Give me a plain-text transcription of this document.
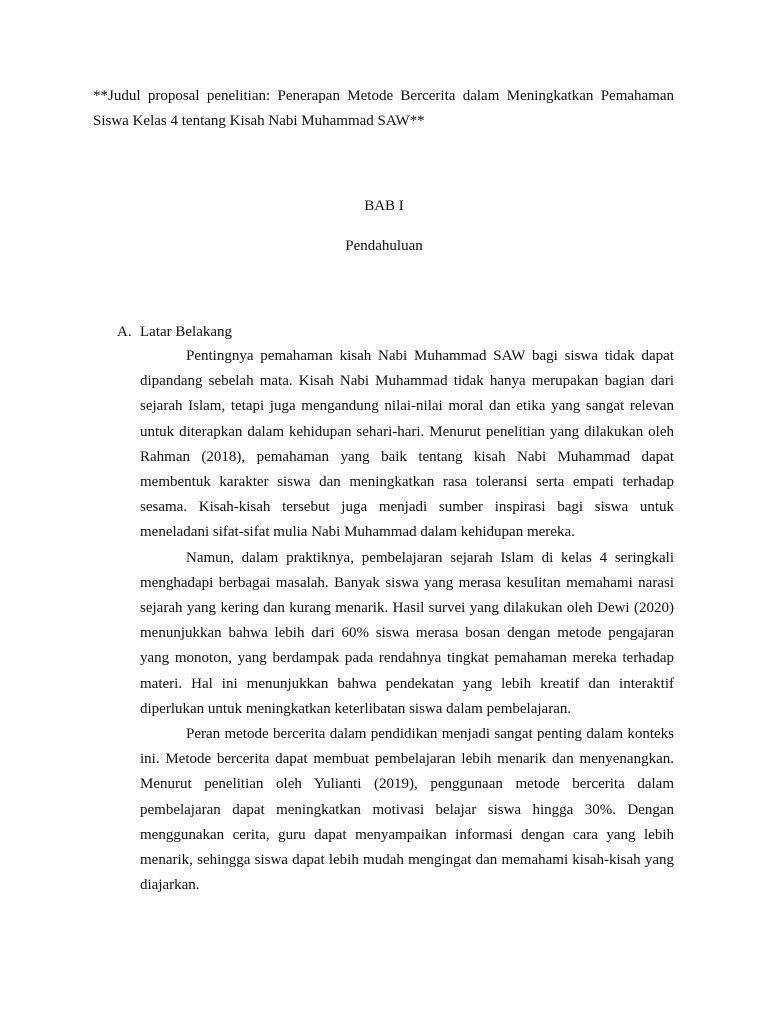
**Judul proposal penelitian: Penerapan Metode Bercerita dalam Meningkatkan Pemahaman Siswa Kelas 4 tentang Kisah Nabi Muhammad SAW**

BAB I

Pendahuluan

A. Latar Belakang

Pentingnya pemahaman kisah Nabi Muhammad SAW bagi siswa tidak dapat dipandang sebelah mata. Kisah Nabi Muhammad tidak hanya merupakan bagian dari sejarah Islam, tetapi juga mengandung nilai-nilai moral dan etika yang sangat relevan untuk diterapkan dalam kehidupan sehari-hari. Menurut penelitian yang dilakukan oleh Rahman (2018), pemahaman yang baik tentang kisah Nabi Muhammad dapat membentuk karakter siswa dan meningkatkan rasa toleransi serta empati terhadap sesama. Kisah-kisah tersebut juga menjadi sumber inspirasi bagi siswa untuk meneladani sifat-sifat mulia Nabi Muhammad dalam kehidupan mereka.

Namun, dalam praktiknya, pembelajaran sejarah Islam di kelas 4 seringkali menghadapi berbagai masalah. Banyak siswa yang merasa kesulitan memahami narasi sejarah yang kering dan kurang menarik. Hasil survei yang dilakukan oleh Dewi (2020) menunjukkan bahwa lebih dari 60% siswa merasa bosan dengan metode pengajaran yang monoton, yang berdampak pada rendahnya tingkat pemahaman mereka terhadap materi. Hal ini menunjukkan bahwa pendekatan yang lebih kreatif dan interaktif diperlukan untuk meningkatkan keterlibatan siswa dalam pembelajaran.

Peran metode bercerita dalam pendidikan menjadi sangat penting dalam konteks ini. Metode bercerita dapat membuat pembelajaran lebih menarik dan menyenangkan. Menurut penelitian oleh Yulianti (2019), penggunaan metode bercerita dalam pembelajaran dapat meningkatkan motivasi belajar siswa hingga 30%. Dengan menggunakan cerita, guru dapat menyampaikan informasi dengan cara yang lebih menarik, sehingga siswa dapat lebih mudah mengingat dan memahami kisah-kisah yang diajarkan.
